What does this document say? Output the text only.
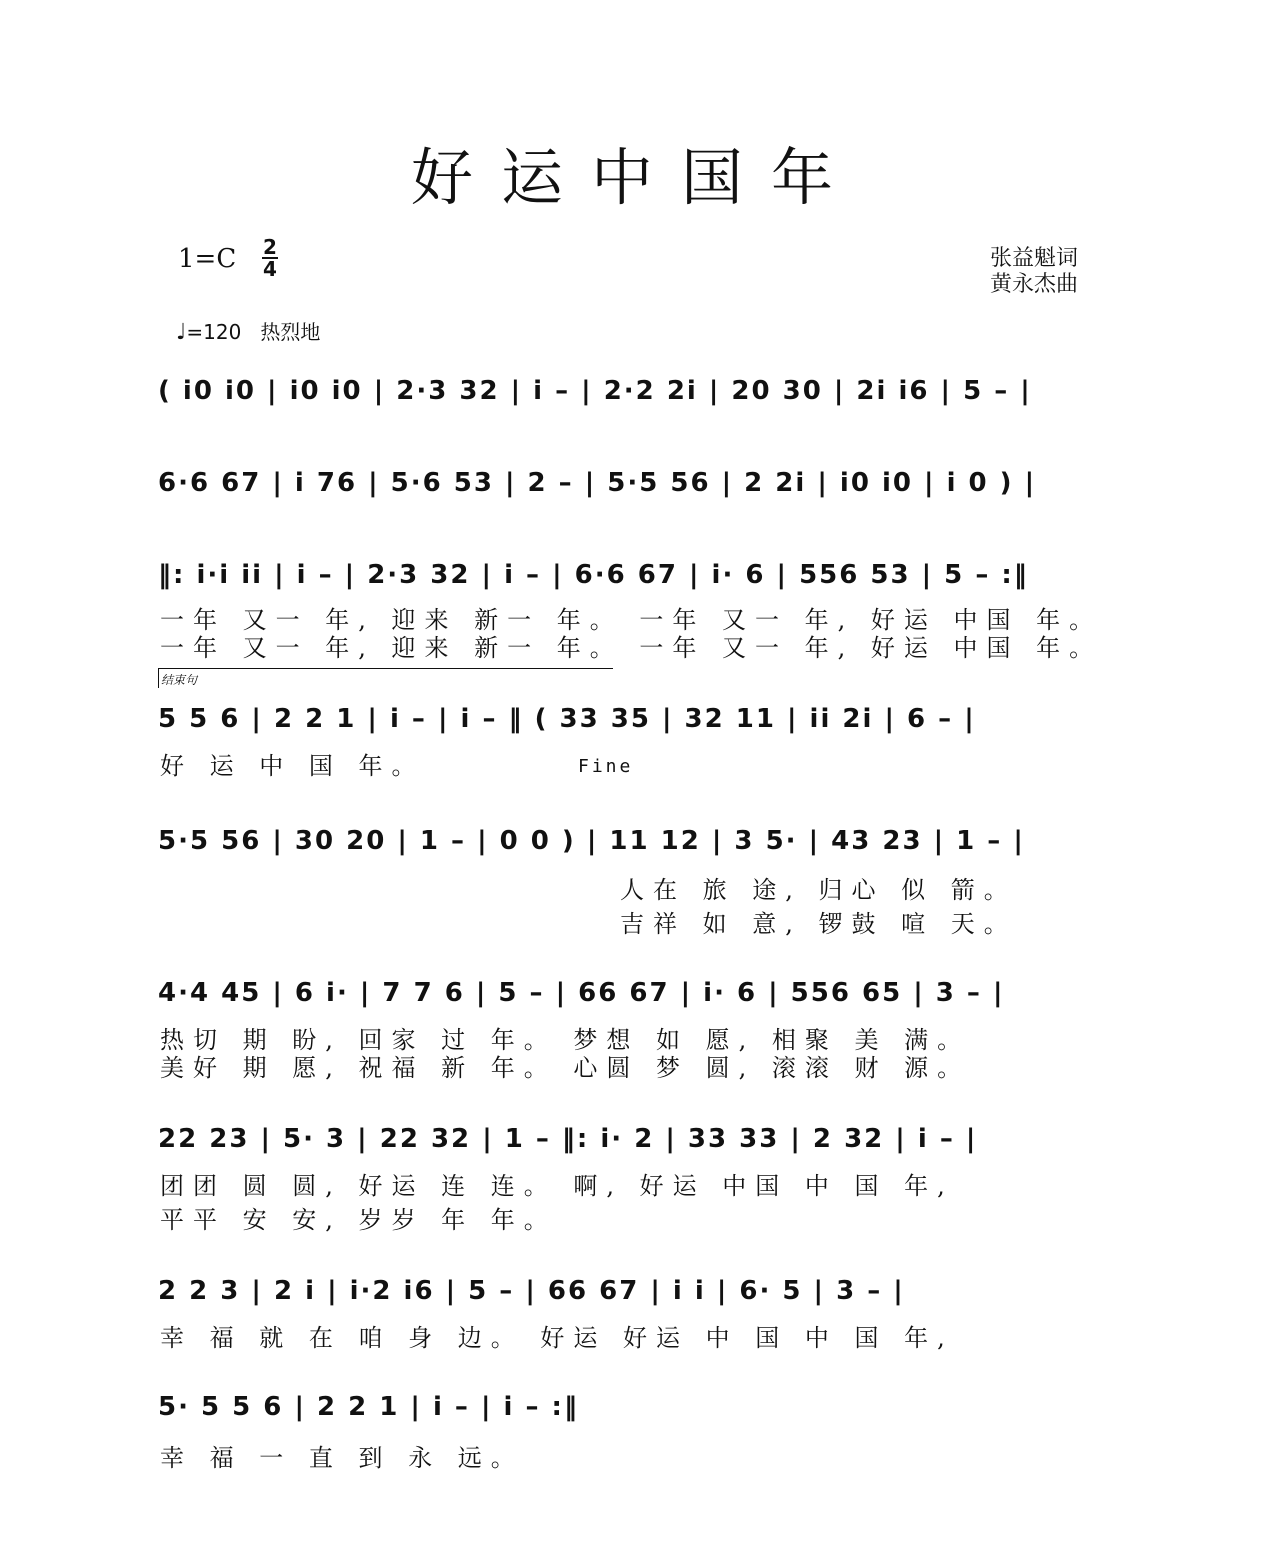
好运中国年
1=C 2
4	张益魁词
黄永杰曲
♩=120 热烈地
( i0 i0 | i0 i0 | 2·3 32 | i – | 2·2 2i | 20 30 | 2i i6 | 5 – |
6·6 67 | i 76 | 5·6 53 | 2 – | 5·5 56 | 2 2i | i0 i0 | i 0 ) |
‖: i·i ii | i – | 2·3 32 | i – | 6·6 67 | i· 6 | 556 53 | 5 – :‖
一年 又一 年, 迎来 新一 年。 一年 又一 年, 好运 中国 年。
一年 又一 年, 迎来 新一 年。 一年 又一 年, 好运 中国 年。
结束句
5 5 6 | 2 2 1 | i – | i – ‖ ( 33 35 | 32 11 | ii 2i | 6 – |
好 运 中 国 年。	Fine
5·5 56 | 30 20 | 1 – | 0 0 ) | 11 12 | 3 5· | 43 23 | 1 – |
人在 旅 途, 归心 似 箭。
吉祥 如 意, 锣鼓 喧 天。
4·4 45 | 6 i· | 7 7 6 | 5 – | 66 67 | i· 6 | 556 65 | 3 – |
热切 期 盼, 回家 过 年。 梦想 如 愿, 相聚 美 满。
美好 期 愿, 祝福 新 年。 心圆 梦 圆, 滚滚 财 源。
22 23 | 5· 3 | 22 32 | 1 – ‖: i· 2 | 33 33 | 2 32 | i – |
团团 圆 圆, 好运 连 连。 啊, 好运 中国 中 国 年,
平平 安 安, 岁岁 年 年。
2 2 3 | 2 i | i·2 i6 | 5 – | 66 67 | i i | 6· 5 | 3 – |
幸 福 就 在 咱 身 边。 好运 好运 中 国 中 国 年,
5· 5 5 6 | 2 2 1 | i – | i – :‖
幸 福 一 直 到 永 远。
